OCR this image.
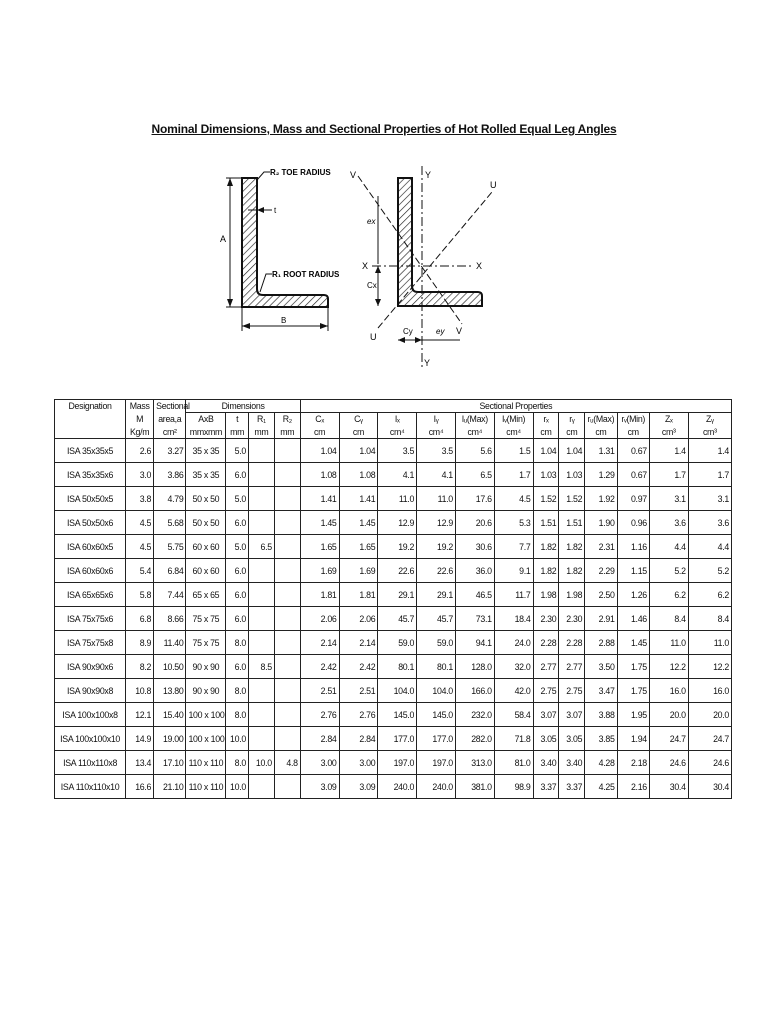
Nominal Dimensions, Mass and Sectional Properties of Hot Rolled Equal Leg Angles
A
B
t
R₂ TOE RADIUS
R₁ ROOT RADIUS
Y
Y
X	X
U
U
V
V
Cx
ex
Cy	ey
Designation	Mass	Sectional	Dimensions				Sectional Properties											
	M	area,a	AxB	t	R₁	R₂	Cₓ	Cᵧ	Iₓ	Iᵧ	Iᵤ(Max)	Iᵥ(Min)	rₓ	rᵧ	rᵤ(Max)	rᵥ(Min)	Zₓ	Zᵧ
	Kg/m	cm²	mmxmm	mm	mm	mm	cm	cm	cm⁴	cm⁴	cm⁴	cm⁴	cm	cm	cm	cm	cm³	cm³
ISA 35x35x5	2.6	3.27	35 x 35	5.0			1.04	1.04	3.5	3.5	5.6	1.5	1.04	1.04	1.31	0.67	1.4	1.4
ISA 35x35x6	3.0	3.86	35 x 35	6.0			1.08	1.08	4.1	4.1	6.5	1.7	1.03	1.03	1.29	0.67	1.7	1.7
ISA 50x50x5	3.8	4.79	50 x 50	5.0			1.41	1.41	11.0	11.0	17.6	4.5	1.52	1.52	1.92	0.97	3.1	3.1
ISA 50x50x6	4.5	5.68	50 x 50	6.0			1.45	1.45	12.9	12.9	20.6	5.3	1.51	1.51	1.90	0.96	3.6	3.6
ISA 60x60x5	4.5	5.75	60 x 60	5.0	6.5		1.65	1.65	19.2	19.2	30.6	7.7	1.82	1.82	2.31	1.16	4.4	4.4
ISA 60x60x6	5.4	6.84	60 x 60	6.0			1.69	1.69	22.6	22.6	36.0	9.1	1.82	1.82	2.29	1.15	5.2	5.2
ISA 65x65x6	5.8	7.44	65 x 65	6.0			1.81	1.81	29.1	29.1	46.5	11.7	1.98	1.98	2.50	1.26	6.2	6.2
ISA 75x75x6	6.8	8.66	75 x 75	6.0			2.06	2.06	45.7	45.7	73.1	18.4	2.30	2.30	2.91	1.46	8.4	8.4
ISA 75x75x8	8.9	11.40	75 x 75	8.0			2.14	2.14	59.0	59.0	94.1	24.0	2.28	2.28	2.88	1.45	11.0	11.0
ISA 90x90x6	8.2	10.50	90 x 90	6.0	8.5		2.42	2.42	80.1	80.1	128.0	32.0	2.77	2.77	3.50	1.75	12.2	12.2
ISA 90x90x8	10.8	13.80	90 x 90	8.0			2.51	2.51	104.0	104.0	166.0	42.0	2.75	2.75	3.47	1.75	16.0	16.0
ISA 100x100x8	12.1	15.40	100 x 100	8.0			2.76	2.76	145.0	145.0	232.0	58.4	3.07	3.07	3.88	1.95	20.0	20.0
ISA 100x100x10	14.9	19.00	100 x 100	10.0			2.84	2.84	177.0	177.0	282.0	71.8	3.05	3.05	3.85	1.94	24.7	24.7
ISA 110x110x8	13.4	17.10	110 x 110	8.0	10.0	4.8	3.00	3.00	197.0	197.0	313.0	81.0	3.40	3.40	4.28	2.18	24.6	24.6
ISA 110x110x10	16.6	21.10	110 x 110	10.0			3.09	3.09	240.0	240.0	381.0	98.9	3.37	3.37	4.25	2.16	30.4	30.4
